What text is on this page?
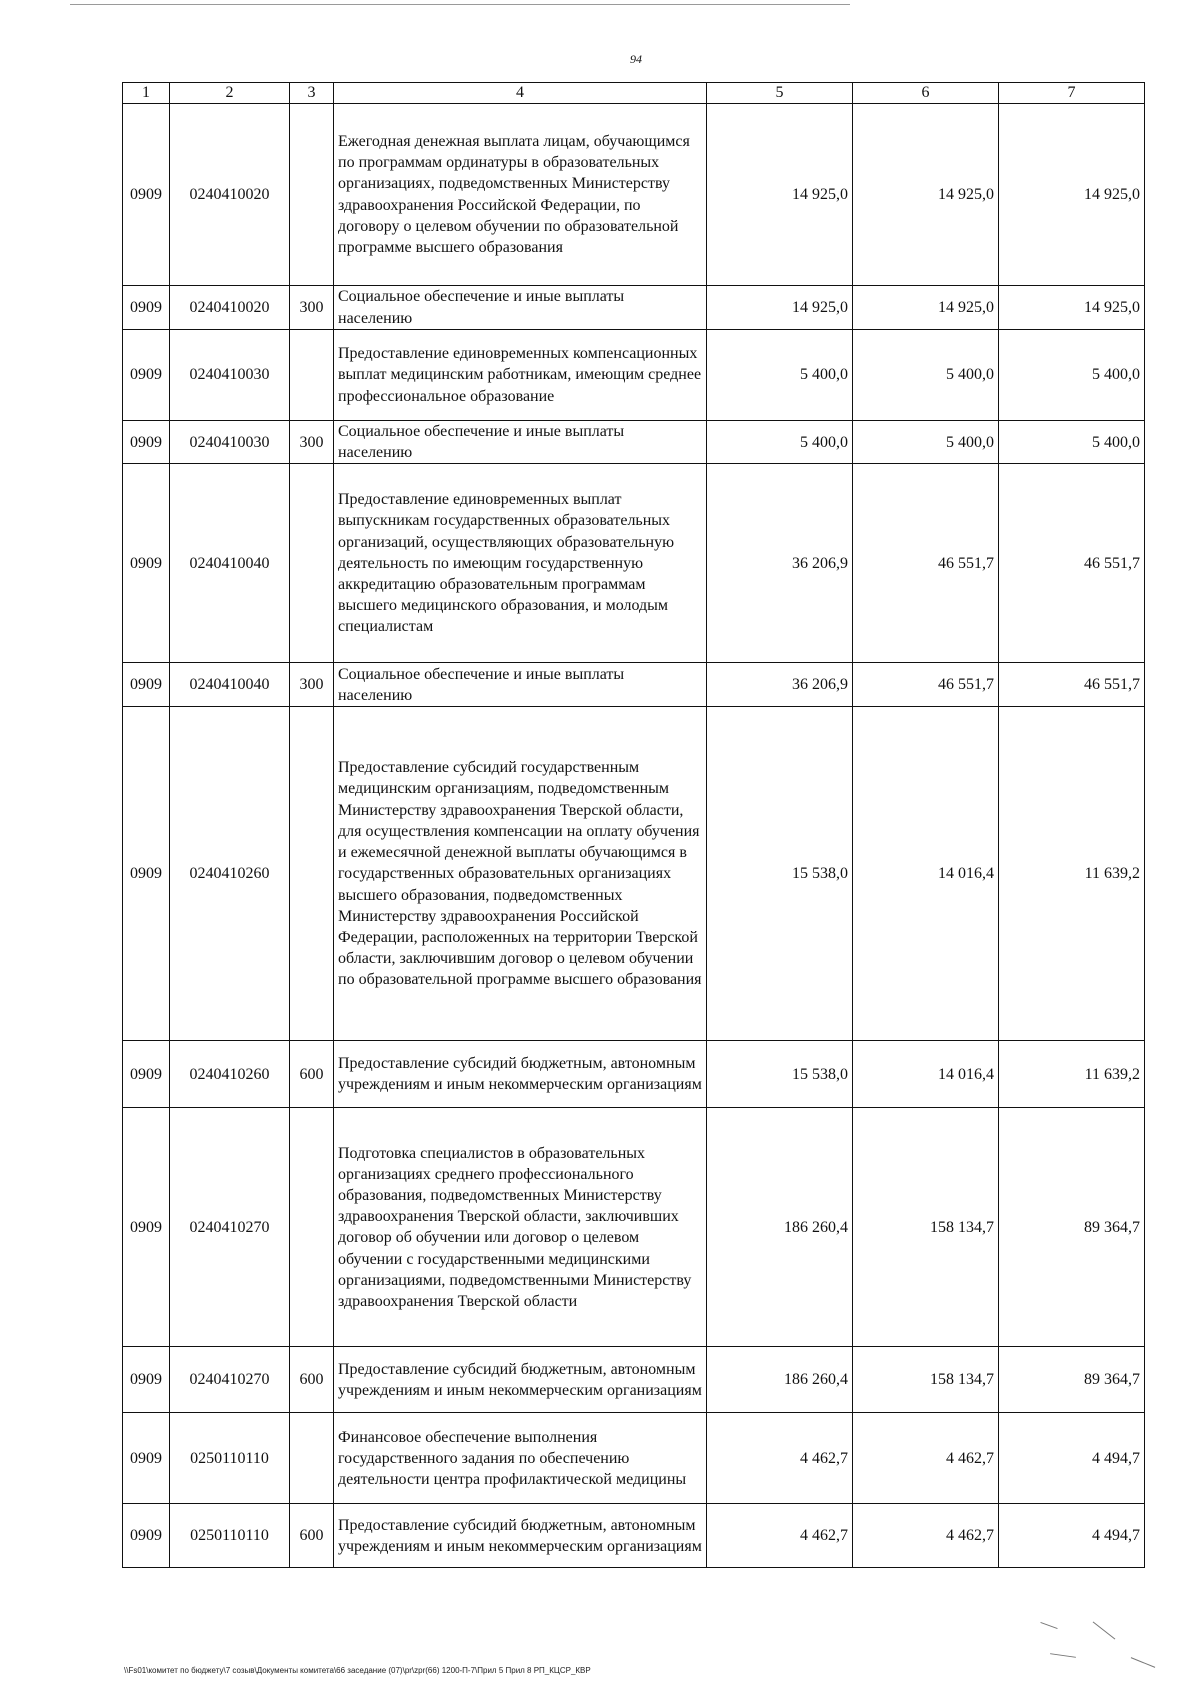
94
1	2	3	4	5	6	7
0909	0240410020		Ежегодная денежная выплата лицам, обучающимся по программам ординатуры в образовательных организациях, подведомственных Министерству здравоохранения Российской Федерации, по договору о целевом обучении по образовательной программе высшего образования	14 925,0	14 925,0	14 925,0
0909	0240410020	300	Социальное обеспечение и иные выплаты населению	14 925,0	14 925,0	14 925,0
0909	0240410030		Предоставление единовременных компенсационных выплат медицинским работникам, имеющим среднее профессиональное образование	5 400,0	5 400,0	5 400,0
0909	0240410030	300	Социальное обеспечение и иные выплаты населению	5 400,0	5 400,0	5 400,0
0909	0240410040		Предоставление единовременных выплат выпускникам государственных образовательных организаций, осуществляющих образовательную деятельность по имеющим государственную аккредитацию образовательным программам высшего медицинского образования, и молодым специалистам	36 206,9	46 551,7	46 551,7
0909	0240410040	300	Социальное обеспечение и иные выплаты населению	36 206,9	46 551,7	46 551,7
0909	0240410260		Предоставление субсидий государственным медицинским организациям, подведомственным Министерству здравоохранения Тверской области, для осуществления компенсации на оплату обучения и ежемесячной денежной выплаты обучающимся в государственных образовательных организациях высшего образования, подведомственных Министерству здравоохранения Российской Федерации, расположенных на территории Тверской области, заключившим договор о целевом обучении по образовательной программе высшего образования	15 538,0	14 016,4	11 639,2
0909	0240410260	600	Предоставление субсидий бюджетным, автономным учреждениям и иным некоммерческим организациям	15 538,0	14 016,4	11 639,2
0909	0240410270		Подготовка специалистов в образовательных организациях среднего профессионального образования, подведомственных Министерству здравоохранения Тверской области, заключивших договор об обучении или договор о целевом обучении с государственными медицинскими организациями, подведомственными Министерству здравоохранения Тверской области	186 260,4	158 134,7	89 364,7
0909	0240410270	600	Предоставление субсидий бюджетным, автономным учреждениям и иным некоммерческим организациям	186 260,4	158 134,7	89 364,7
0909	0250110110		Финансовое обеспечение выполнения государственного задания по обеспечению деятельности центра профилактической медицины	4 462,7	4 462,7	4 494,7
0909	0250110110	600	Предоставление субсидий бюджетным, автономным учреждениям и иным некоммерческим организациям	4 462,7	4 462,7	4 494,7
\\Fs01\комитет по бюджету\7 созыв\Документы комитета\66 заседание (07)\pr\zpr(66) 1200-П-7\Прил 5 Прил 8 РП_КЦСР_КВР
